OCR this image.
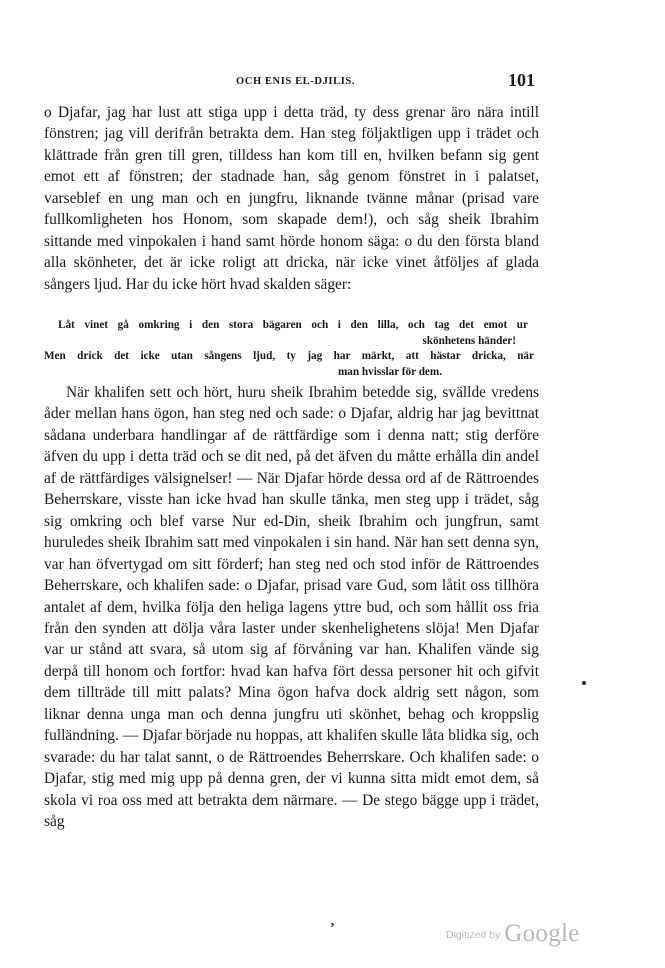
OCH ENIS EL-DJILIS.	101

o Djafar, jag har lust att stiga upp i detta träd, ty dess grenar äro nära intill fönstren; jag vill derifrån betrakta dem. Han steg följaktligen upp i trädet och klättrade från gren till gren, tilldess han kom till en, hvilken befann sig gent emot ett af fönstren; der stadnade han, såg genom fönstret in i palatset, varseblef en ung man och en jungfru, liknande tvänne månar (prisad vare fullkomligheten hos Honom, som skapade dem!), och såg sheik Ibrahim sittande med vinpokalen i hand samt hörde honom säga: o du den första bland alla skönheter, det är icke roligt att dricka, när icke vinet åtföljes af glada sångers ljud. Har du icke hört hvad skalden säger:

Låt vinet gå omkring i den stora bägaren och i den lilla, och tag det emot ur
skönhetens händer!
Men drick det icke utan sångens ljud, ty jag har märkt, att hästar dricka, när
man hvisslar för dem.

När khalifen sett och hört, huru sheik Ibrahim betedde sig, svällde vredens åder mellan hans ögon, han steg ned och sade: o Djafar, aldrig har jag bevittnat sådana underbara handlingar af de rättfärdige som i denna natt; stig derföre äfven du upp i detta träd och se dit ned, på det äfven du måtte erhålla din andel af de rättfärdiges välsignelser! — När Djafar hörde dessa ord af de Rättroendes Beherrskare, visste han icke hvad han skulle tänka, men steg upp i trädet, såg sig omkring och blef varse Nur ed-Din, sheik Ibrahim och jungfrun, samt huruledes sheik Ibrahim satt med vinpokalen i sin hand. När han sett denna syn, var han öfvertygad om sitt förderf; han steg ned och stod inför de Rättroendes Beherrskare, och khalifen sade: o Djafar, prisad vare Gud, som låtit oss tillhöra antalet af dem, hvilka följa den heliga lagens yttre bud, och som hållit oss fria från den synden att dölja våra laster under skenhelighetens slöja! Men Djafar var ur stånd att svara, så utom sig af förvåning var han. Khalifen vände sig derpå till honom och fortfor: hvad kan hafva fört dessa personer hit och gifvit dem tillträde till mitt palats? Mina ögon hafva dock aldrig sett någon, som liknar denna unga man och denna jungfru uti skönhet, behag och kroppslig fulländning. — Djafar började nu hoppas, att khalifen skulle låta blidka sig, och svarade: du har talat sannt, o de Rättroendes Beherrskare. Och khalifen sade: o Djafar, stig med mig upp på denna gren, der vi kunna sitta midt emot dem, så skola vi roa oss med att betrakta dem närmare. — De stego bägge upp i trädet, såg

ʼ	Digitized by Google
